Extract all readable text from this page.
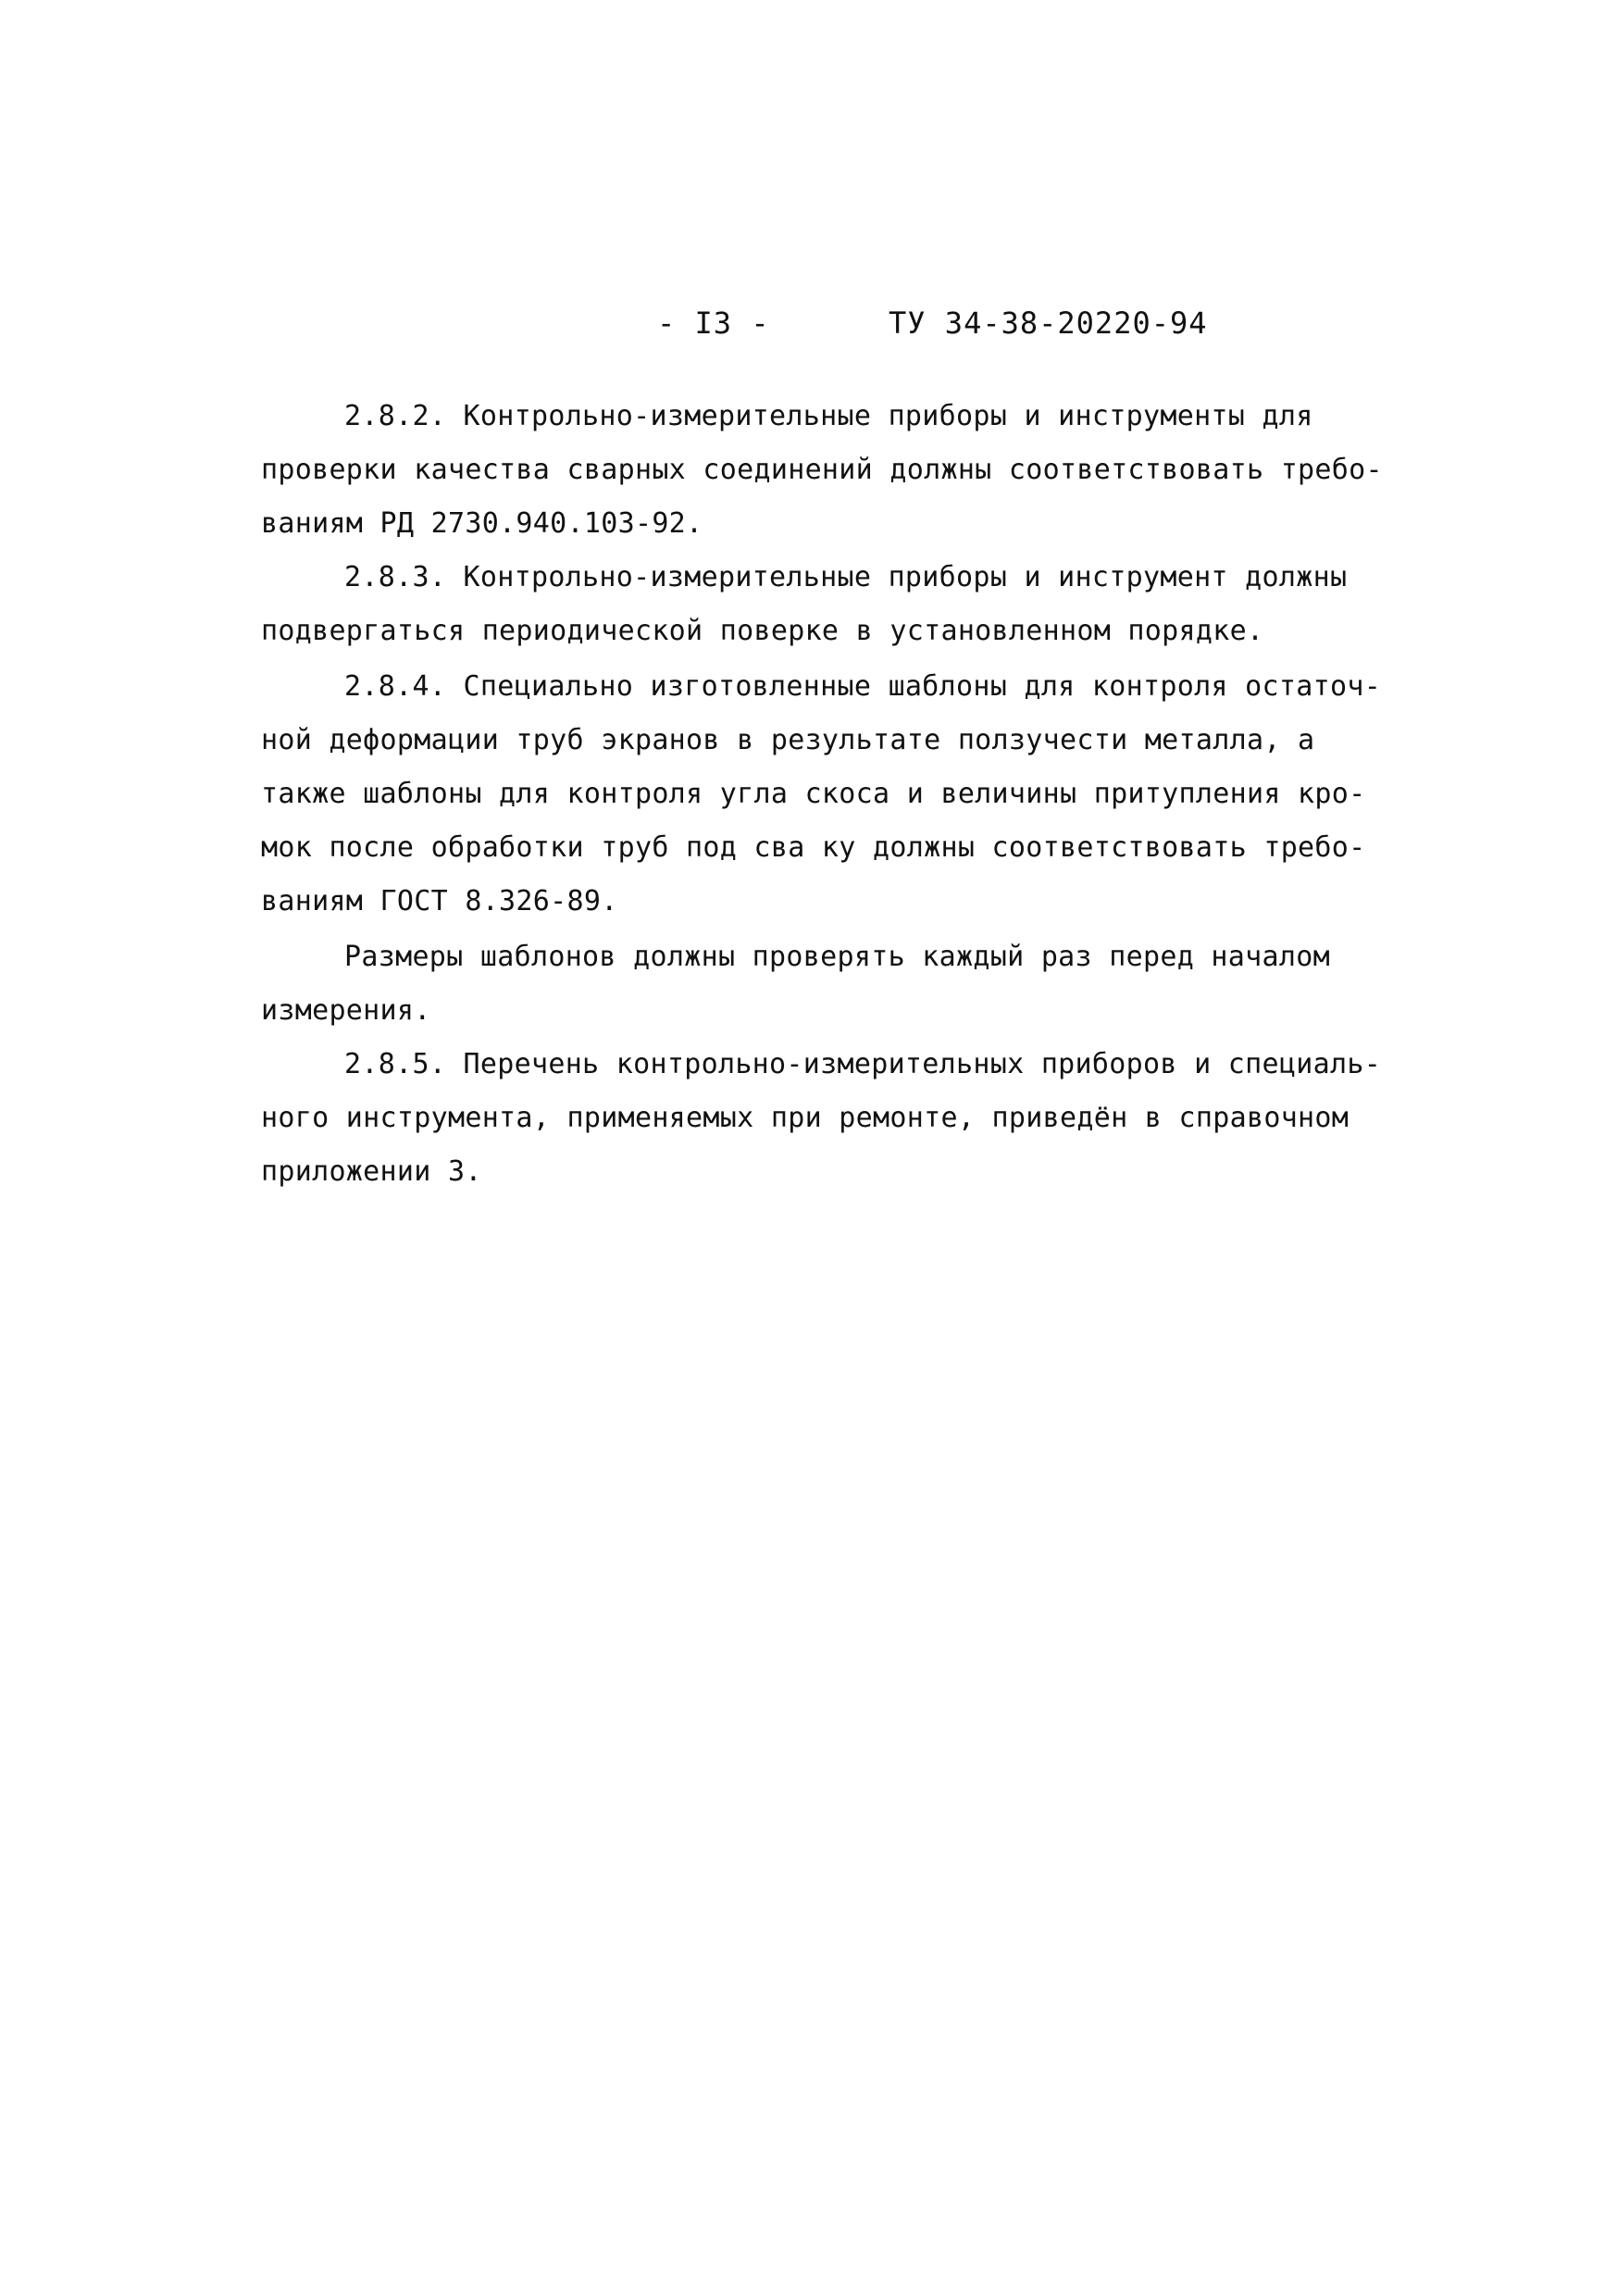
- I3 -	ТУ 34-38-20220-94
2.8.2. Контрольно-измерительные приборы и инструменты для
проверки качества сварных соединений должны соответствовать требо-
ваниям РД 2730.940.103-92.
2.8.3. Контрольно-измерительные приборы и инструмент должны
подвергаться периодической поверке в установленном порядке.
2.8.4. Специально изготовленные шаблоны для контроля остаточ-
ной деформации труб экранов в результате ползучести металла, а
также шаблоны для контроля угла скоса и величины притупления кро-
мок после обработки труб под сва ку должны соответствовать требо-
ваниям ГОСТ 8.326-89.
Размеры шаблонов должны проверять каждый раз перед началом
измерения.
2.8.5. Перечень контрольно-измерительных приборов и специаль-
ного инструмента, применяемых при ремонте, приведён в справочном
приложении 3.
